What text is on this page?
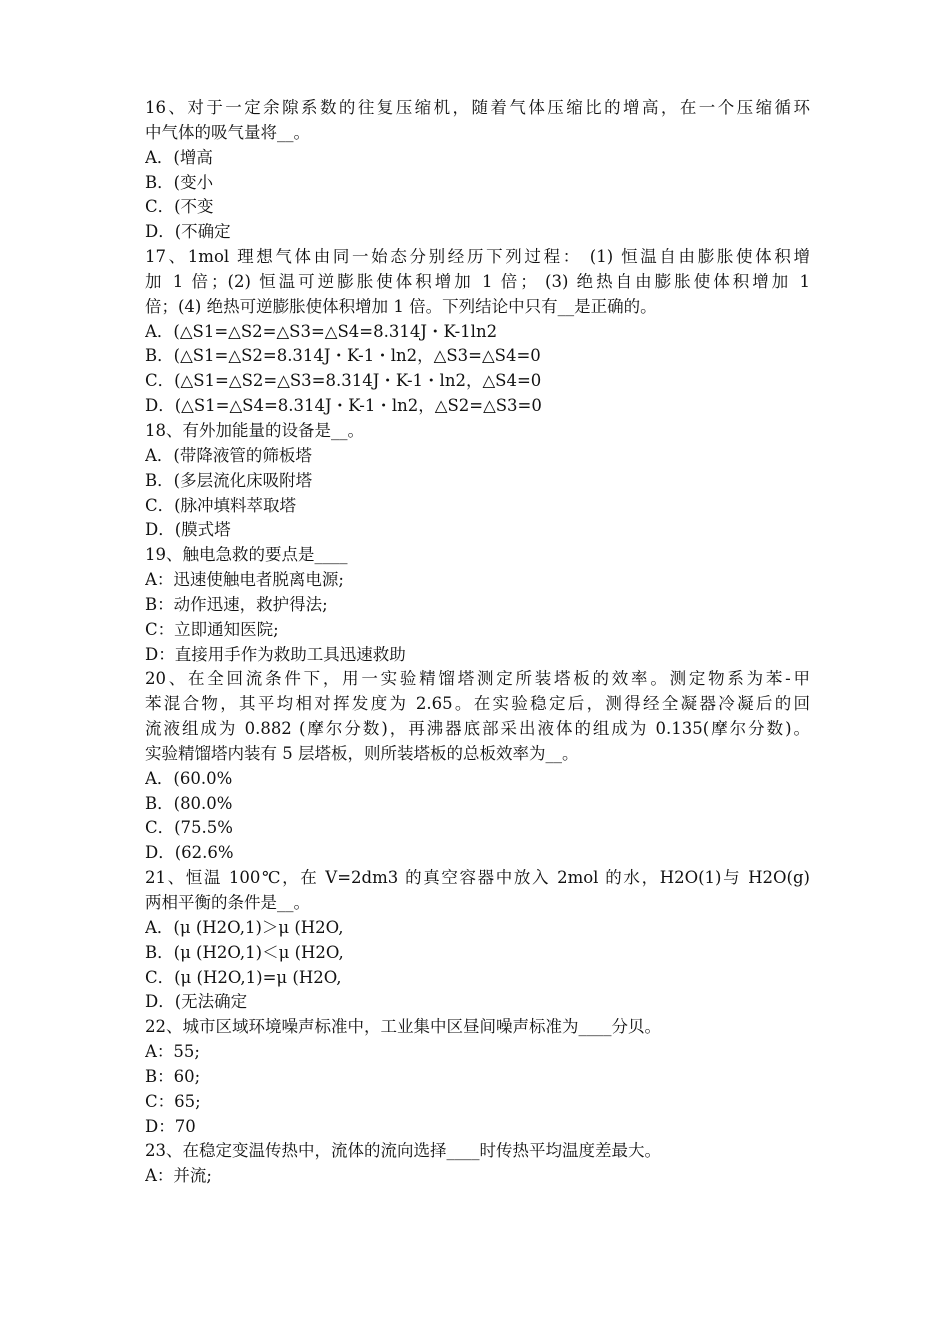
16、对于一定余隙系数的往复压缩机，随着气体压缩比的增高，在一个压缩循环
中气体的吸气量将__。
A．(增高
B．(变小
C．(不变
D．(不确定
17、1mol 理想气体由同一始态分别经历下列过程： (1) 恒温自由膨胀使体积增
加 1 倍；(2) 恒温可逆膨胀使体积增加 1 倍； (3) 绝热自由膨胀使体积增加 1
倍；(4) 绝热可逆膨胀使体积增加 1 倍。下列结论中只有__是正确的。
A．(△S1=△S2=△S3=△S4=8.314J・K-1ln2
B．(△S1=△S2=8.314J・K-1・ln2，△S3=△S4=0
C．(△S1=△S2=△S3=8.314J・K-1・ln2，△S4=0
D．(△S1=△S4=8.314J・K-1・ln2，△S2=△S3=0
18、有外加能量的设备是__。
A．(带降液管的筛板塔
B．(多层流化床吸附塔
C．(脉冲填料萃取塔
D．(膜式塔
19、触电急救的要点是____
A：迅速使触电者脱离电源;
B：动作迅速，救护得法;
C：立即通知医院;
D：直接用手作为救助工具迅速救助
20、在全回流条件下，用一实验精馏塔测定所装塔板的效率。测定物系为苯-甲
苯混合物，其平均相对挥发度为 2.65。在实验稳定后，测得经全凝器冷凝后的回
流液组成为 0.882 (摩尔分数)，再沸器底部采出液体的组成为 0.135(摩尔分数)。
实验精馏塔内装有 5 层塔板，则所装塔板的总板效率为__。
A．(60.0%
B．(80.0%
C．(75.5%
D．(62.6%
21、恒温 100℃，在 V=2dm3 的真空容器中放入 2mol 的水，H2O(1)与 H2O(g)
两相平衡的条件是__。
A．(μ (H2O,1)＞μ (H2O,
B．(μ (H2O,1)＜μ (H2O,
C．(μ (H2O,1)=μ (H2O,
D．(无法确定
22、城市区域环境噪声标准中，工业集中区昼间噪声标准为____分贝。
A：55;
B：60;
C：65;
D：70
23、在稳定变温传热中，流体的流向选择____时传热平均温度差最大。
A：并流;
